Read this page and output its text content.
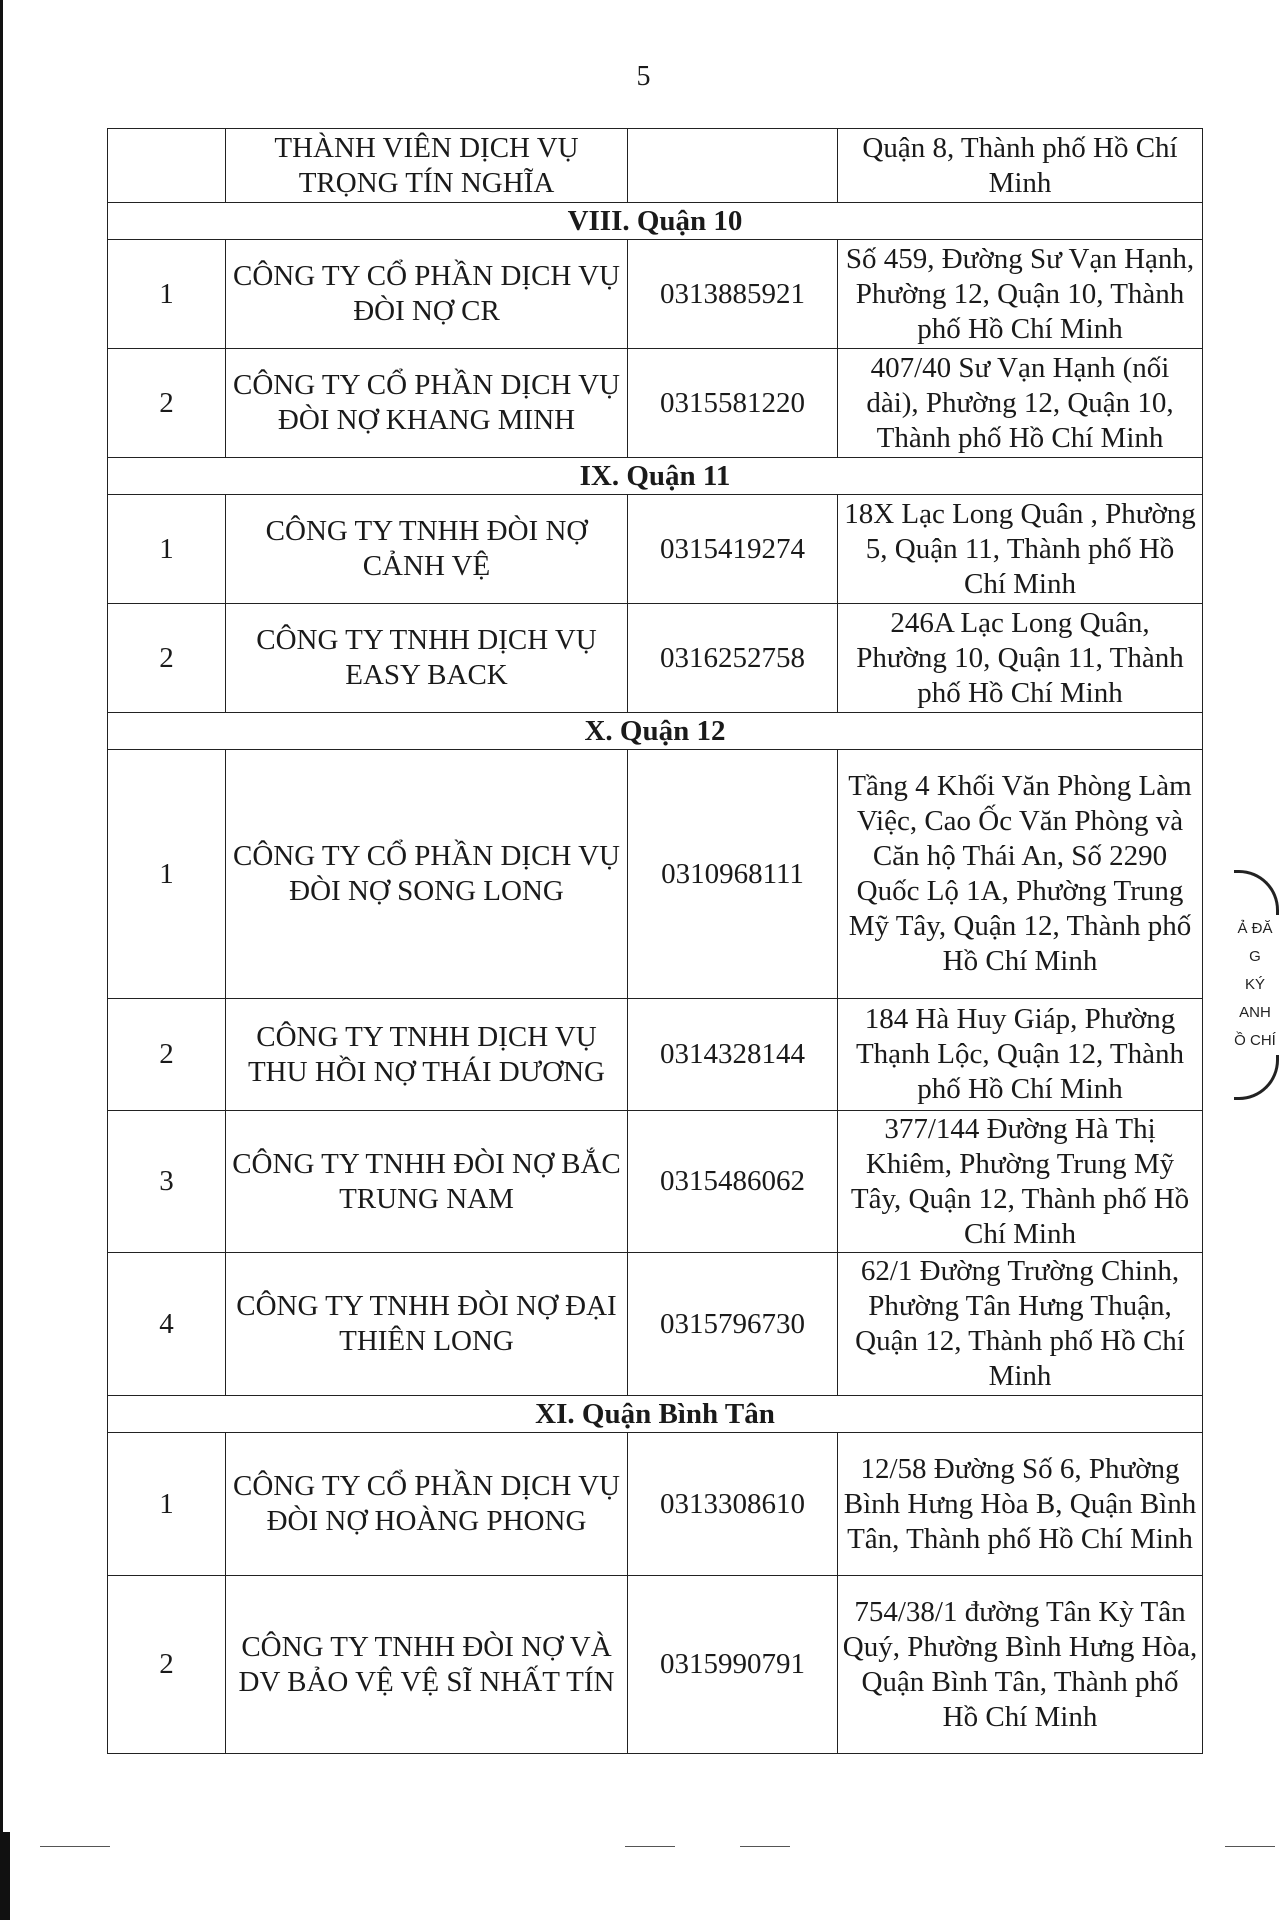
5
	THÀNH VIÊN DỊCH VỤ TRỌNG TÍN NGHĨA		Quận 8, Thành phố Hồ Chí Minh
VIII. Quận 10			
1	CÔNG TY CỔ PHẦN DỊCH VỤ ĐÒI NỢ CR	0313885921	Số 459, Đường Sư Vạn Hạnh, Phường 12, Quận 10, Thành phố Hồ Chí Minh
2	CÔNG TY CỔ PHẦN DỊCH VỤ ĐÒI NỢ KHANG MINH	0315581220	407/40 Sư Vạn Hạnh (nối dài), Phường 12, Quận 10, Thành phố Hồ Chí Minh
IX. Quận 11			
1	CÔNG TY TNHH ĐÒI NỢ CẢNH VỆ	0315419274	18X Lạc Long Quân , Phường 5, Quận 11, Thành phố Hồ Chí Minh
2	CÔNG TY TNHH DỊCH VỤ EASY BACK	0316252758	246A Lạc Long Quân, Phường 10, Quận 11, Thành phố Hồ Chí Minh
X. Quận 12			
1	CÔNG TY CỔ PHẦN DỊCH VỤ ĐÒI NỢ SONG LONG	0310968111	Tầng 4 Khối Văn Phòng Làm Việc, Cao Ốc Văn Phòng và Căn hộ Thái An, Số 2290 Quốc Lộ 1A, Phường Trung Mỹ Tây, Quận 12, Thành phố Hồ Chí Minh
2	CÔNG TY TNHH DỊCH VỤ THU HỒI NỢ THÁI DƯƠNG	0314328144	184 Hà Huy Giáp, Phường Thạnh Lộc, Quận 12, Thành phố Hồ Chí Minh
3	CÔNG TY TNHH ĐÒI NỢ BẮC TRUNG NAM	0315486062	377/144 Đường Hà Thị Khiêm, Phường Trung Mỹ Tây, Quận 12, Thành phố Hồ Chí Minh
4	CÔNG TY TNHH ĐÒI NỢ ĐẠI THIÊN LONG	0315796730	62/1 Đường Trường Chinh, Phường Tân Hưng Thuận, Quận 12, Thành phố Hồ Chí Minh
XI. Quận Bình Tân			
1	CÔNG TY CỔ PHẦN DỊCH VỤ ĐÒI NỢ HOÀNG PHONG	0313308610	12/58 Đường Số 6, Phường Bình Hưng Hòa B, Quận Bình Tân, Thành phố Hồ Chí Minh
2	CÔNG TY TNHH ĐÒI NỢ VÀ DV BẢO VỆ VỆ SĨ NHẤT TÍN	0315990791	754/38/1 đường Tân Kỳ Tân Quý, Phường Bình Hưng Hòa, Quận Bình Tân, Thành phố Hồ Chí Minh
Ả ĐĂ
G
KÝ
ANH
Ồ CHÍ
